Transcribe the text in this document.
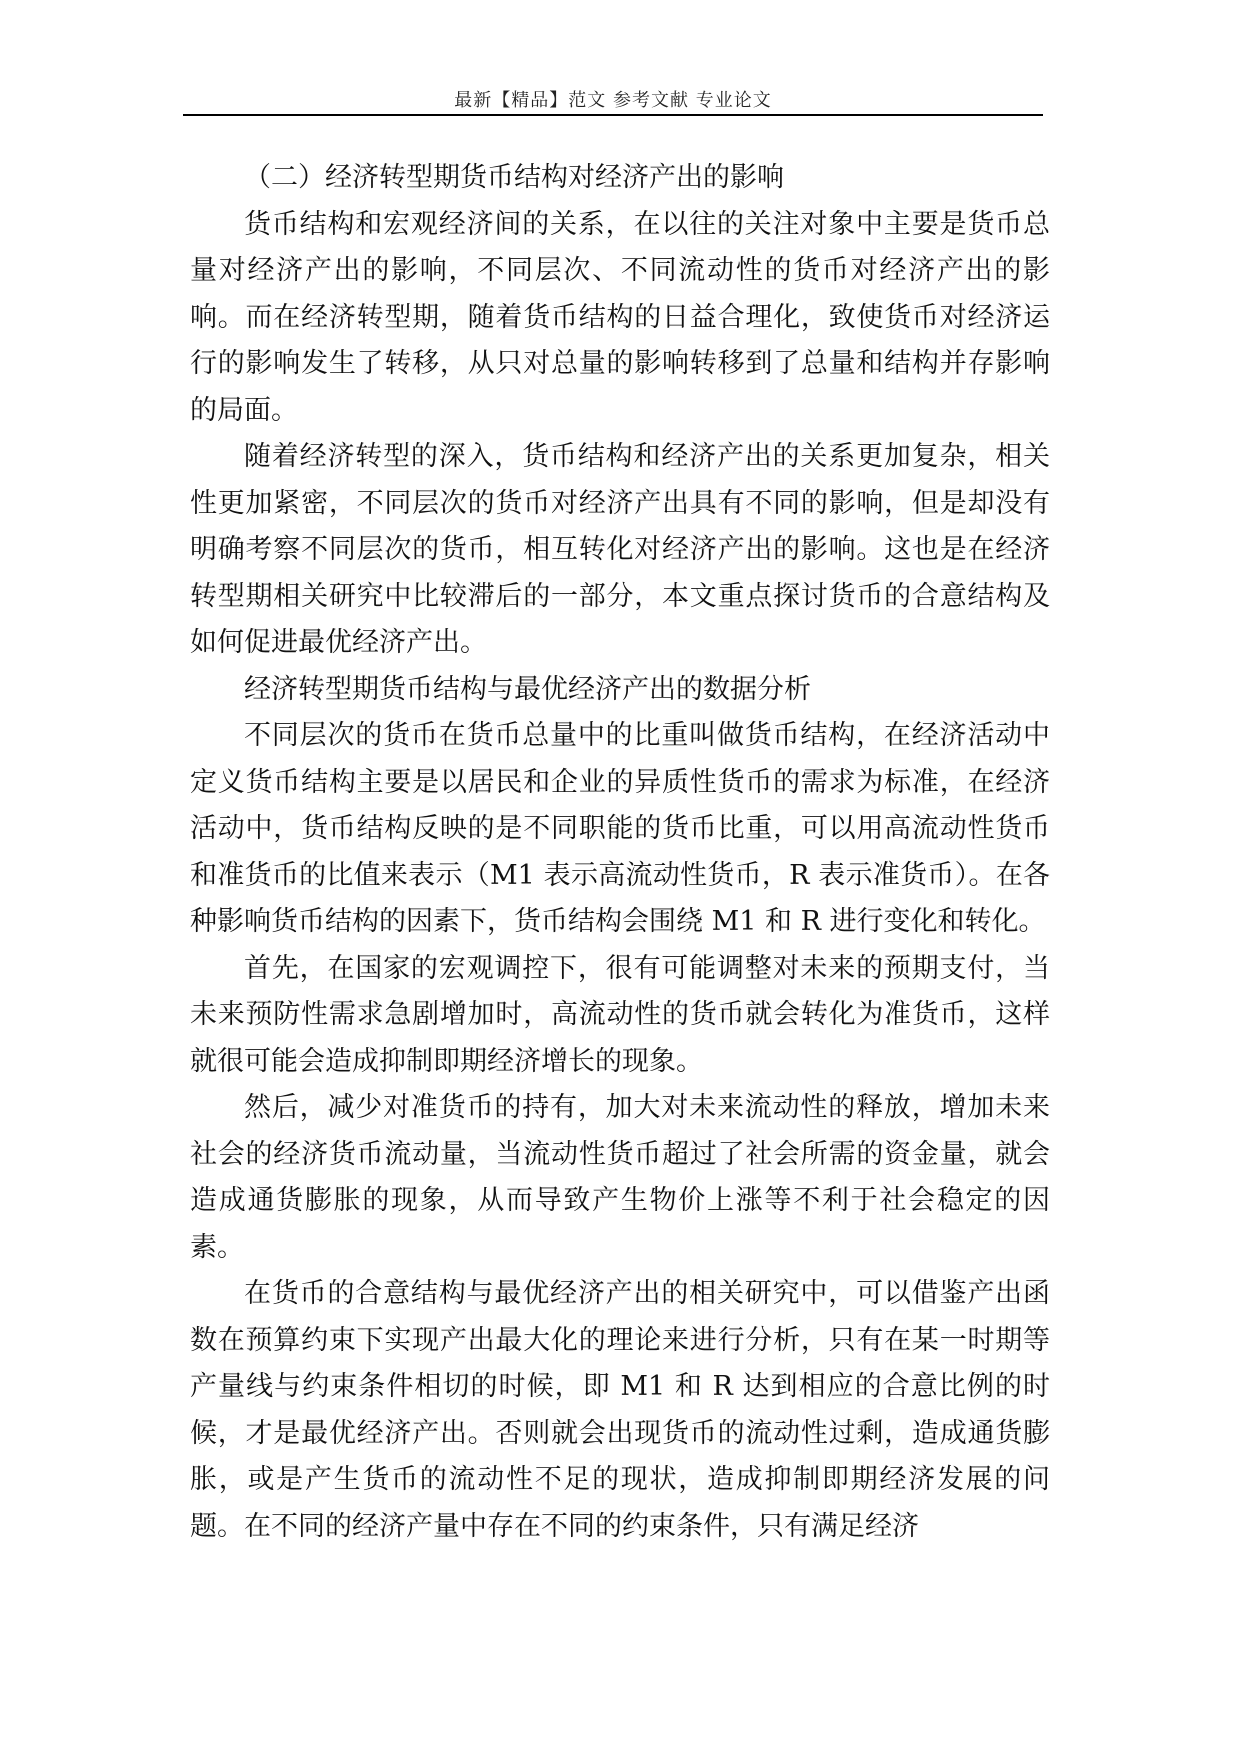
最新【精品】范文 参考文献 专业论文

（二）经济转型期货币结构对经济产出的影响

货币结构和宏观经济间的关系，在以往的关注对象中主要是货币总量对经济产出的影响，不同层次、不同流动性的货币对经济产出的影响。而在经济转型期，随着货币结构的日益合理化，致使货币对经济运行的影响发生了转移，从只对总量的影响转移到了总量和结构并存影响的局面。

随着经济转型的深入，货币结构和经济产出的关系更加复杂，相关性更加紧密，不同层次的货币对经济产出具有不同的影响，但是却没有明确考察不同层次的货币，相互转化对经济产出的影响。这也是在经济转型期相关研究中比较滞后的一部分，本文重点探讨货币的合意结构及如何促进最优经济产出。

经济转型期货币结构与最优经济产出的数据分析

不同层次的货币在货币总量中的比重叫做货币结构，在经济活动中定义货币结构主要是以居民和企业的异质性货币的需求为标准，在经济活动中，货币结构反映的是不同职能的货币比重，可以用高流动性货币和准货币的比值来表示（M1 表示高流动性货币，R 表示准货币）。在各种影响货币结构的因素下，货币结构会围绕 M1 和 R 进行变化和转化。

首先，在国家的宏观调控下，很有可能调整对未来的预期支付，当未来预防性需求急剧增加时，高流动性的货币就会转化为准货币，这样就很可能会造成抑制即期经济增长的现象。

然后，减少对准货币的持有，加大对未来流动性的释放，增加未来社会的经济货币流动量，当流动性货币超过了社会所需的资金量，就会造成通货膨胀的现象，从而导致产生物价上涨等不利于社会稳定的因素。

在货币的合意结构与最优经济产出的相关研究中，可以借鉴产出函数在预算约束下实现产出最大化的理论来进行分析，只有在某一时期等产量线与约束条件相切的时候，即 M1 和 R 达到相应的合意比例的时候，才是最优经济产出。否则就会出现货币的流动性过剩，造成通货膨胀，或是产生货币的流动性不足的现状，造成抑制即期经济发展的问题。在不同的经济产量中存在不同的约束条件，只有满足经济
